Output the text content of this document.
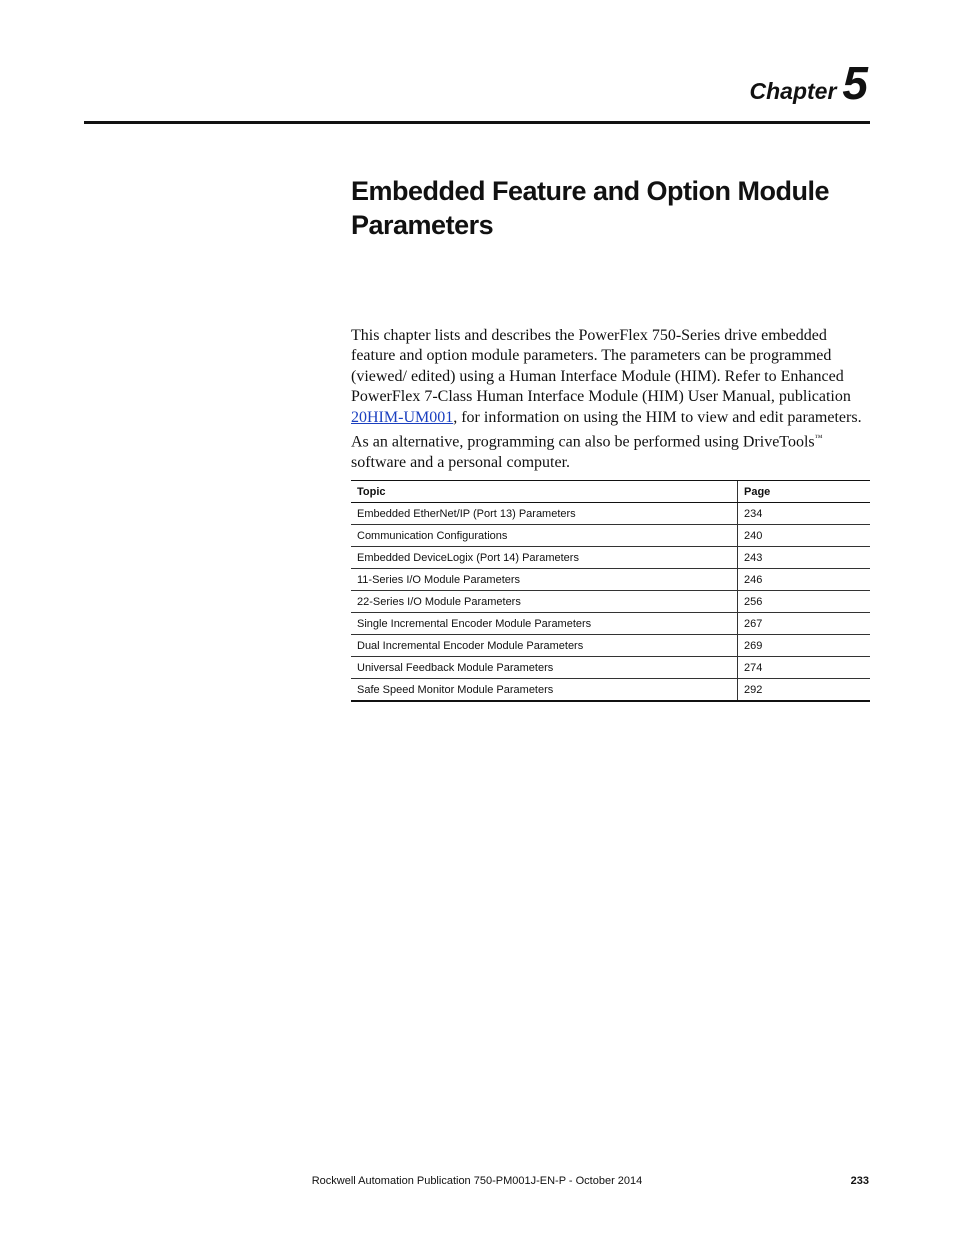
Chapter 5
Embedded Feature and Option Module
Parameters

This chapter lists and describes the PowerFlex 750-Series drive embedded feature and option module parameters. The parameters can be programmed (viewed/ edited) using a Human Interface Module (HIM). Refer to Enhanced PowerFlex 7-Class Human Interface Module (HIM) User Manual, publication 20HIM-UM001, for information on using the HIM to view and edit parameters. As an alternative, programming can also be performed using DriveTools™ software and a personal computer.

Topic	Page
Embedded EtherNet/IP (Port 13) Parameters	234
Communication Configurations	240
Embedded DeviceLogix (Port 14) Parameters	243
11-Series I/O Module Parameters	246
22-Series I/O Module Parameters	256
Single Incremental Encoder Module Parameters	267
Dual Incremental Encoder Module Parameters	269
Universal Feedback Module Parameters	274
Safe Speed Monitor Module Parameters	292
Rockwell Automation Publication 750-PM001J-EN-P - October 2014	233
